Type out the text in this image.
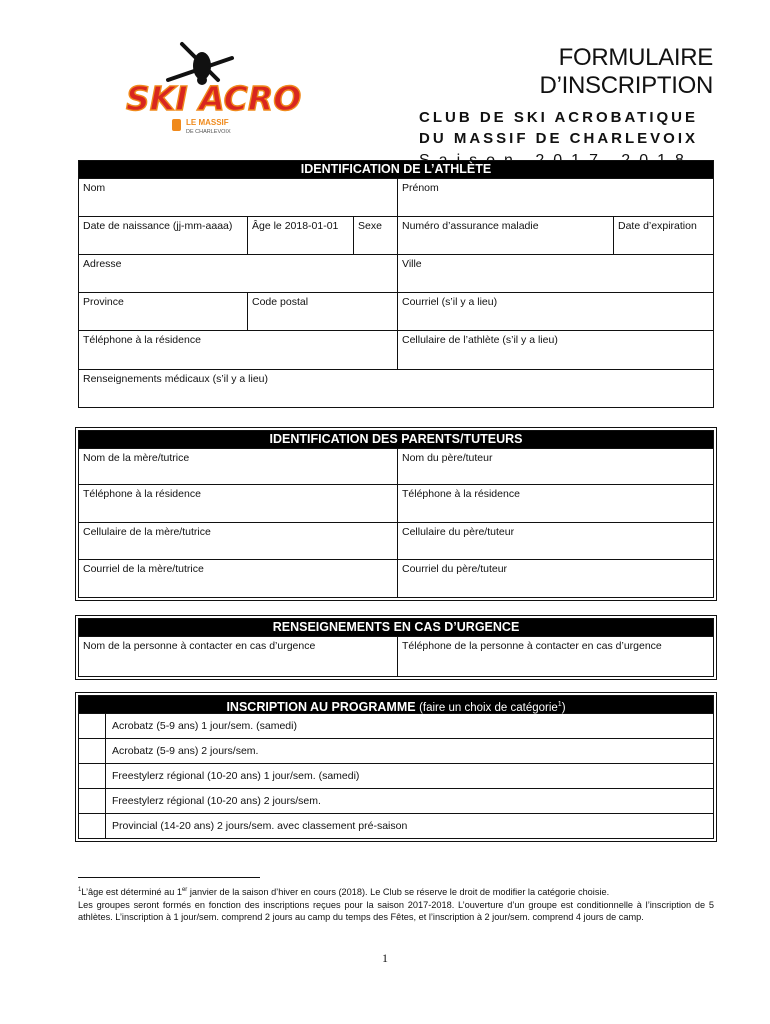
SKI ACRO
LE MASSIF
DE CHARLEVOIX
FORMULAIRE D’INSCRIPTION
CLUB DE SKI ACROBATIQUE
DU MASSIF DE CHARLEVOIX
IDENTIFICATION DE L’ATHLÈTE
Nom	Prénom
Date de naissance (jj-mm-aaaa)	Âge le 2018-01-01	Sexe	Numéro d’assurance maladie	Date d’expiration
Adresse	Ville
Province	Code postal	Courriel (s’il y a lieu)
Téléphone à la résidence	Cellulaire de l’athlète (s’il y a lieu)
Renseignements médicaux (s’il y a lieu)
IDENTIFICATION DES PARENTS/TUTEURS
Nom de la mère/tutrice	Nom du père/tuteur
Téléphone à la résidence	Téléphone à la résidence
Cellulaire de la mère/tutrice	Cellulaire du père/tuteur
Courriel de la mère/tutrice	Courriel du père/tuteur
RENSEIGNEMENTS EN CAS D’URGENCE
Nom de la personne à contacter en cas d’urgence	Téléphone de la personne à contacter en cas d’urgence
INSCRIPTION AU PROGRAMME (faire un choix de catégorie$^1$)
Acrobatz (5-9 ans) 1 jour/sem. (samedi)
Acrobatz (5-9 ans) 2 jours/sem.
Freestylerz régional (10-20 ans) 1 jour/sem. (samedi)
Freestylerz régional (10-20 ans) 2 jours/sem.
Provincial (14-20 ans) 2 jours/sem. avec classement pré-saison
$^1$L’âge est déterminé au 1er janvier de la saison d’hiver en cours (2018). Le Club se réserve le droit de modifier la catégorie choisie.
Les groupes seront formés en fonction des inscriptions reçues pour la saison 2017-2018. L’ouverture d’un groupe est conditionnelle à l’inscription de 5 athlètes. L’inscription à 1 jour/sem. comprend 2 jours au camp du temps des Fêtes, et l’inscription à 2 jour/sem. comprend 4 jours de camp.
1
